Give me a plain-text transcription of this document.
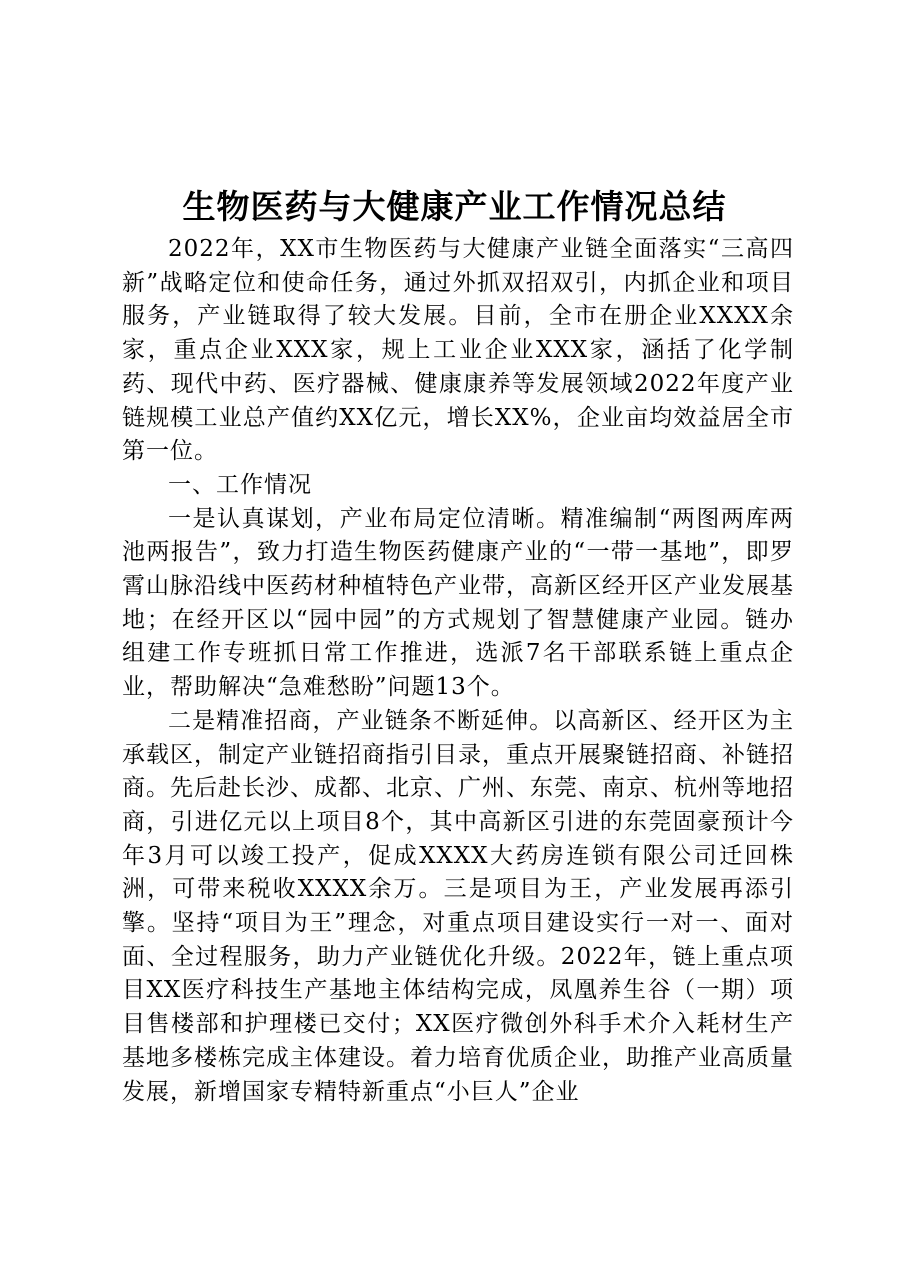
生物医药与大健康产业工作情况总结

2022年，XX市生物医药与大健康产业链全面落实“三高四新”战略定位和使命任务，通过外抓双招双引，内抓企业和项目服务，产业链取得了较大发展。目前，全市在册企业XXXX余家，重点企业XXX家，规上工业企业XXX家，涵括了化学制药、现代中药、医疗器械、健康康养等发展领域2022年度产业链规模工业总产值约XX亿元，增长XX%，企业亩均效益居全市第一位。

一、工作情况

一是认真谋划，产业布局定位清晰。精准编制“两图两库两池两报告”，致力打造生物医药健康产业的“一带一基地”，即罗霄山脉沿线中医药材种植特色产业带，高新区经开区产业发展基地；在经开区以“园中园”的方式规划了智慧健康产业园。链办组建工作专班抓日常工作推进，选派7名干部联系链上重点企业，帮助解决“急难愁盼”问题13个。

二是精准招商，产业链条不断延伸。以高新区、经开区为主承载区，制定产业链招商指引目录，重点开展聚链招商、补链招商。先后赴长沙、成都、北京、广州、东莞、南京、杭州等地招商，引进亿元以上项目8个，其中高新区引进的东莞固豪预计今年3月可以竣工投产，促成XXXX大药房连锁有限公司迁回株洲，可带来税收XXXX余万。三是项目为王，产业发展再添引擎。坚持“项目为王”理念，对重点项目建设实行一对一、面对面、全过程服务，助力产业链优化升级。2022年，链上重点项目XX医疗科技生产基地主体结构完成，凤凰养生谷（一期）项目售楼部和护理楼已交付；XX医疗微创外科手术介入耗材生产基地多楼栋完成主体建设。着力培育优质企业，助推产业高质量发展，新增国家专精特新重点“小巨人”企业
